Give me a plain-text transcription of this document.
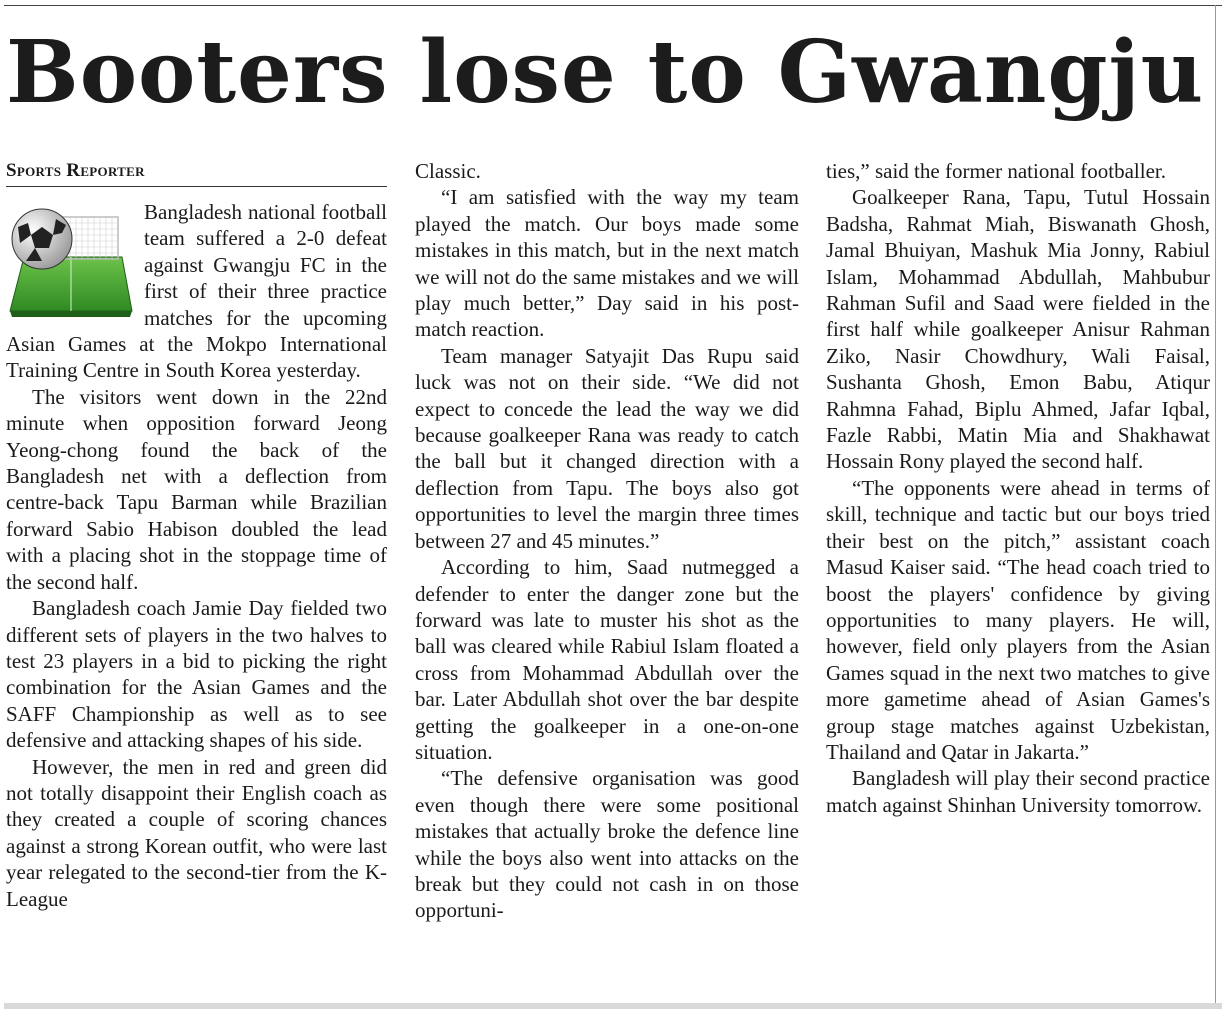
Booters lose to Gwangju
Sports Reporter

Bangladesh national football team suffered a 2-0 defeat against Gwangju FC in the first of their three practice matches for the upcoming Asian Games at the Mokpo International Training Centre in South Korea yesterday.

The visitors went down in the 22nd minute when opposition forward Jeong Yeong-chong found the back of the Bangladesh net with a deflection from centre-back Tapu Barman while Brazilian forward Sabio Habison doubled the lead with a placing shot in the stoppage time of the second half.

Bangladesh coach Jamie Day fielded two different sets of players in the two halves to test 23 players in a bid to picking the right combination for the Asian Games and the SAFF Championship as well as to see defensive and attacking shapes of his side.

However, the men in red and green did not totally disappoint their English coach as they created a couple of scoring chances against a strong Korean outfit, who were last year relegated to the second-tier from the K-League

Classic.

“I am satisfied with the way my team played the match. Our boys made some mistakes in this match, but in the next match we will not do the same mistakes and we will play much better,” Day said in his post-match reaction.

Team manager Satyajit Das Rupu said luck was not on their side. “We did not expect to concede the lead the way we did because goalkeeper Rana was ready to catch the ball but it changed direction with a deflection from Tapu. The boys also got opportunities to level the margin three times between 27 and 45 minutes.”

According to him, Saad nutmegged a defender to enter the danger zone but the forward was late to muster his shot as the ball was cleared while Rabiul Islam floated a cross from Mohammad Abdullah over the bar. Later Abdullah shot over the bar despite getting the goalkeeper in a one-on-one situation.

“The defensive organisation was good even though there were some positional mistakes that actually broke the defence line while the boys also went into attacks on the break but they could not cash in on those opportuni-

ties,” said the former national footballer.

Goalkeeper Rana, Tapu, Tutul Hossain Badsha, Rahmat Miah, Biswanath Ghosh, Jamal Bhuiyan, Mashuk Mia Jonny, Rabiul Islam, Mohammad Abdullah, Mahbubur Rahman Sufil and Saad were fielded in the first half while goalkeeper Anisur Rahman Ziko, Nasir Chowdhury, Wali Faisal, Sushanta Ghosh, Emon Babu, Atiqur Rahmna Fahad, Biplu Ahmed, Jafar Iqbal, Fazle Rabbi, Matin Mia and Shakhawat Hossain Rony played the second half.

“The opponents were ahead in terms of skill, technique and tactic but our boys tried their best on the pitch,” assistant coach Masud Kaiser said. “The head coach tried to boost the players' confidence by giving opportunities to many players. He will, however, field only players from the Asian Games squad in the next two matches to give more gametime ahead of Asian Games's group stage matches against Uzbekistan, Thailand and Qatar in Jakarta.”

Bangladesh will play their second practice match against Shinhan University tomorrow.
